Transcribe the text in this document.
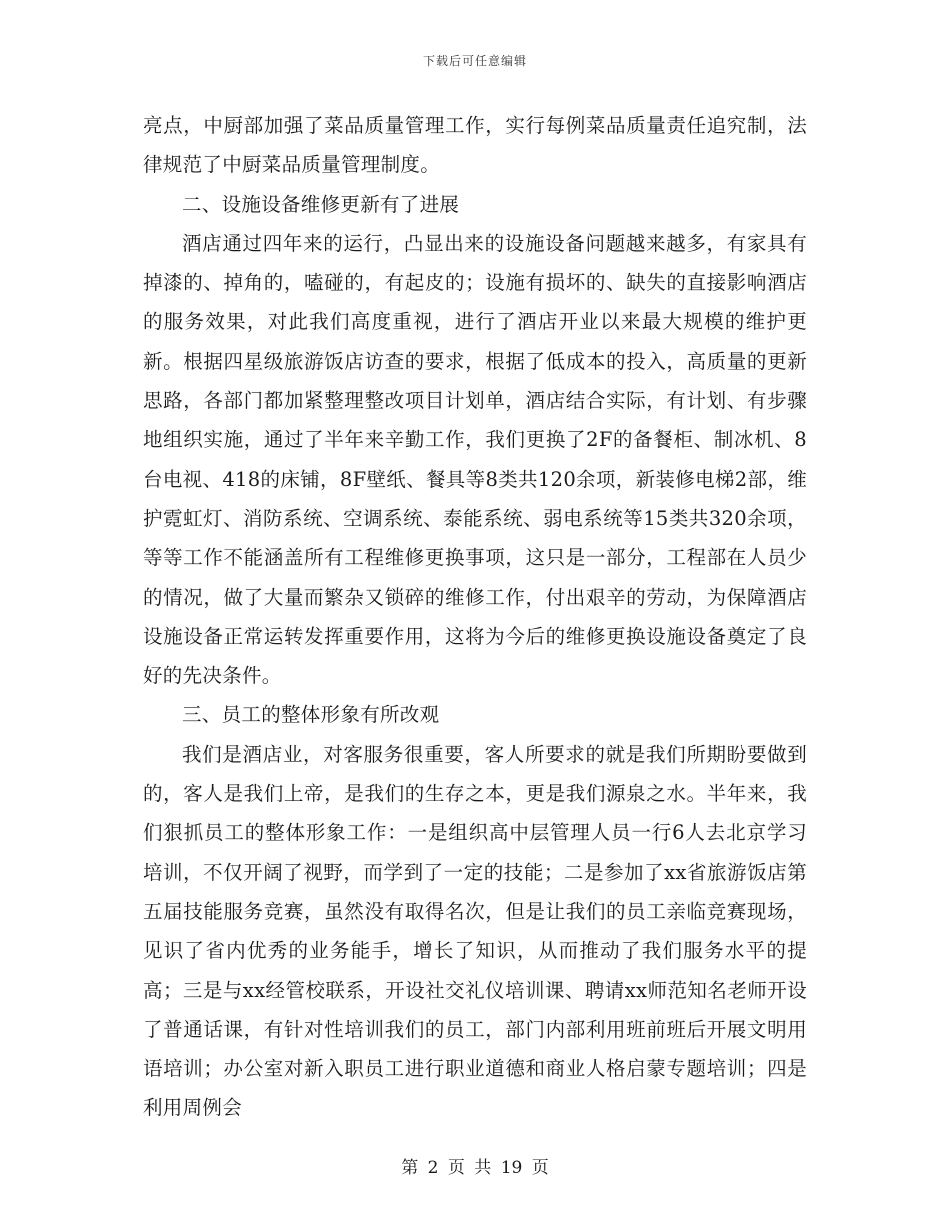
下载后可任意编辑

亮点，中厨部加强了菜品质量管理工作，实行每例菜品质量责任追究制，法律规范了中厨菜品质量管理制度。

二、设施设备维修更新有了进展

酒店通过四年来的运行，凸显出来的设施设备问题越来越多，有家具有掉漆的、掉角的，嗑碰的，有起皮的；设施有损坏的、缺失的直接影响酒店的服务效果，对此我们高度重视，进行了酒店开业以来最大规模的维护更新。根据四星级旅游饭店访查的要求，根据了低成本的投入，高质量的更新思路，各部门都加紧整理整改项目计划单，酒店结合实际，有计划、有步骤地组织实施，通过了半年来辛勤工作，我们更换了2F的备餐柜、制冰机、8台电视、418的床铺，8F壁纸、餐具等8类共120余项，新装修电梯2部，维护霓虹灯、消防系统、空调系统、泰能系统、弱电系统等15类共320余项，等等工作不能涵盖所有工程维修更换事项，这只是一部分，工程部在人员少的情况，做了大量而繁杂又锁碎的维修工作，付出艰辛的劳动，为保障酒店设施设备正常运转发挥重要作用，这将为今后的维修更换设施设备奠定了良好的先决条件。

三、员工的整体形象有所改观

我们是酒店业，对客服务很重要，客人所要求的就是我们所期盼要做到的，客人是我们上帝，是我们的生存之本，更是我们源泉之水。半年来，我们狠抓员工的整体形象工作：一是组织高中层管理人员一行6人去北京学习培训，不仅开阔了视野，而学到了一定的技能；二是参加了xx省旅游饭店第五届技能服务竞赛，虽然没有取得名次，但是让我们的员工亲临竞赛现场，见识了省内优秀的业务能手，增长了知识，从而推动了我们服务水平的提高；三是与xx经管校联系，开设社交礼仪培训课、聘请xx师范知名老师开设了普通话课，有针对性培训我们的员工，部门内部利用班前班后开展文明用语培训；办公室对新入职员工进行职业道德和商业人格启蒙专题培训；四是利用周例会

第 2 页 共 19 页
